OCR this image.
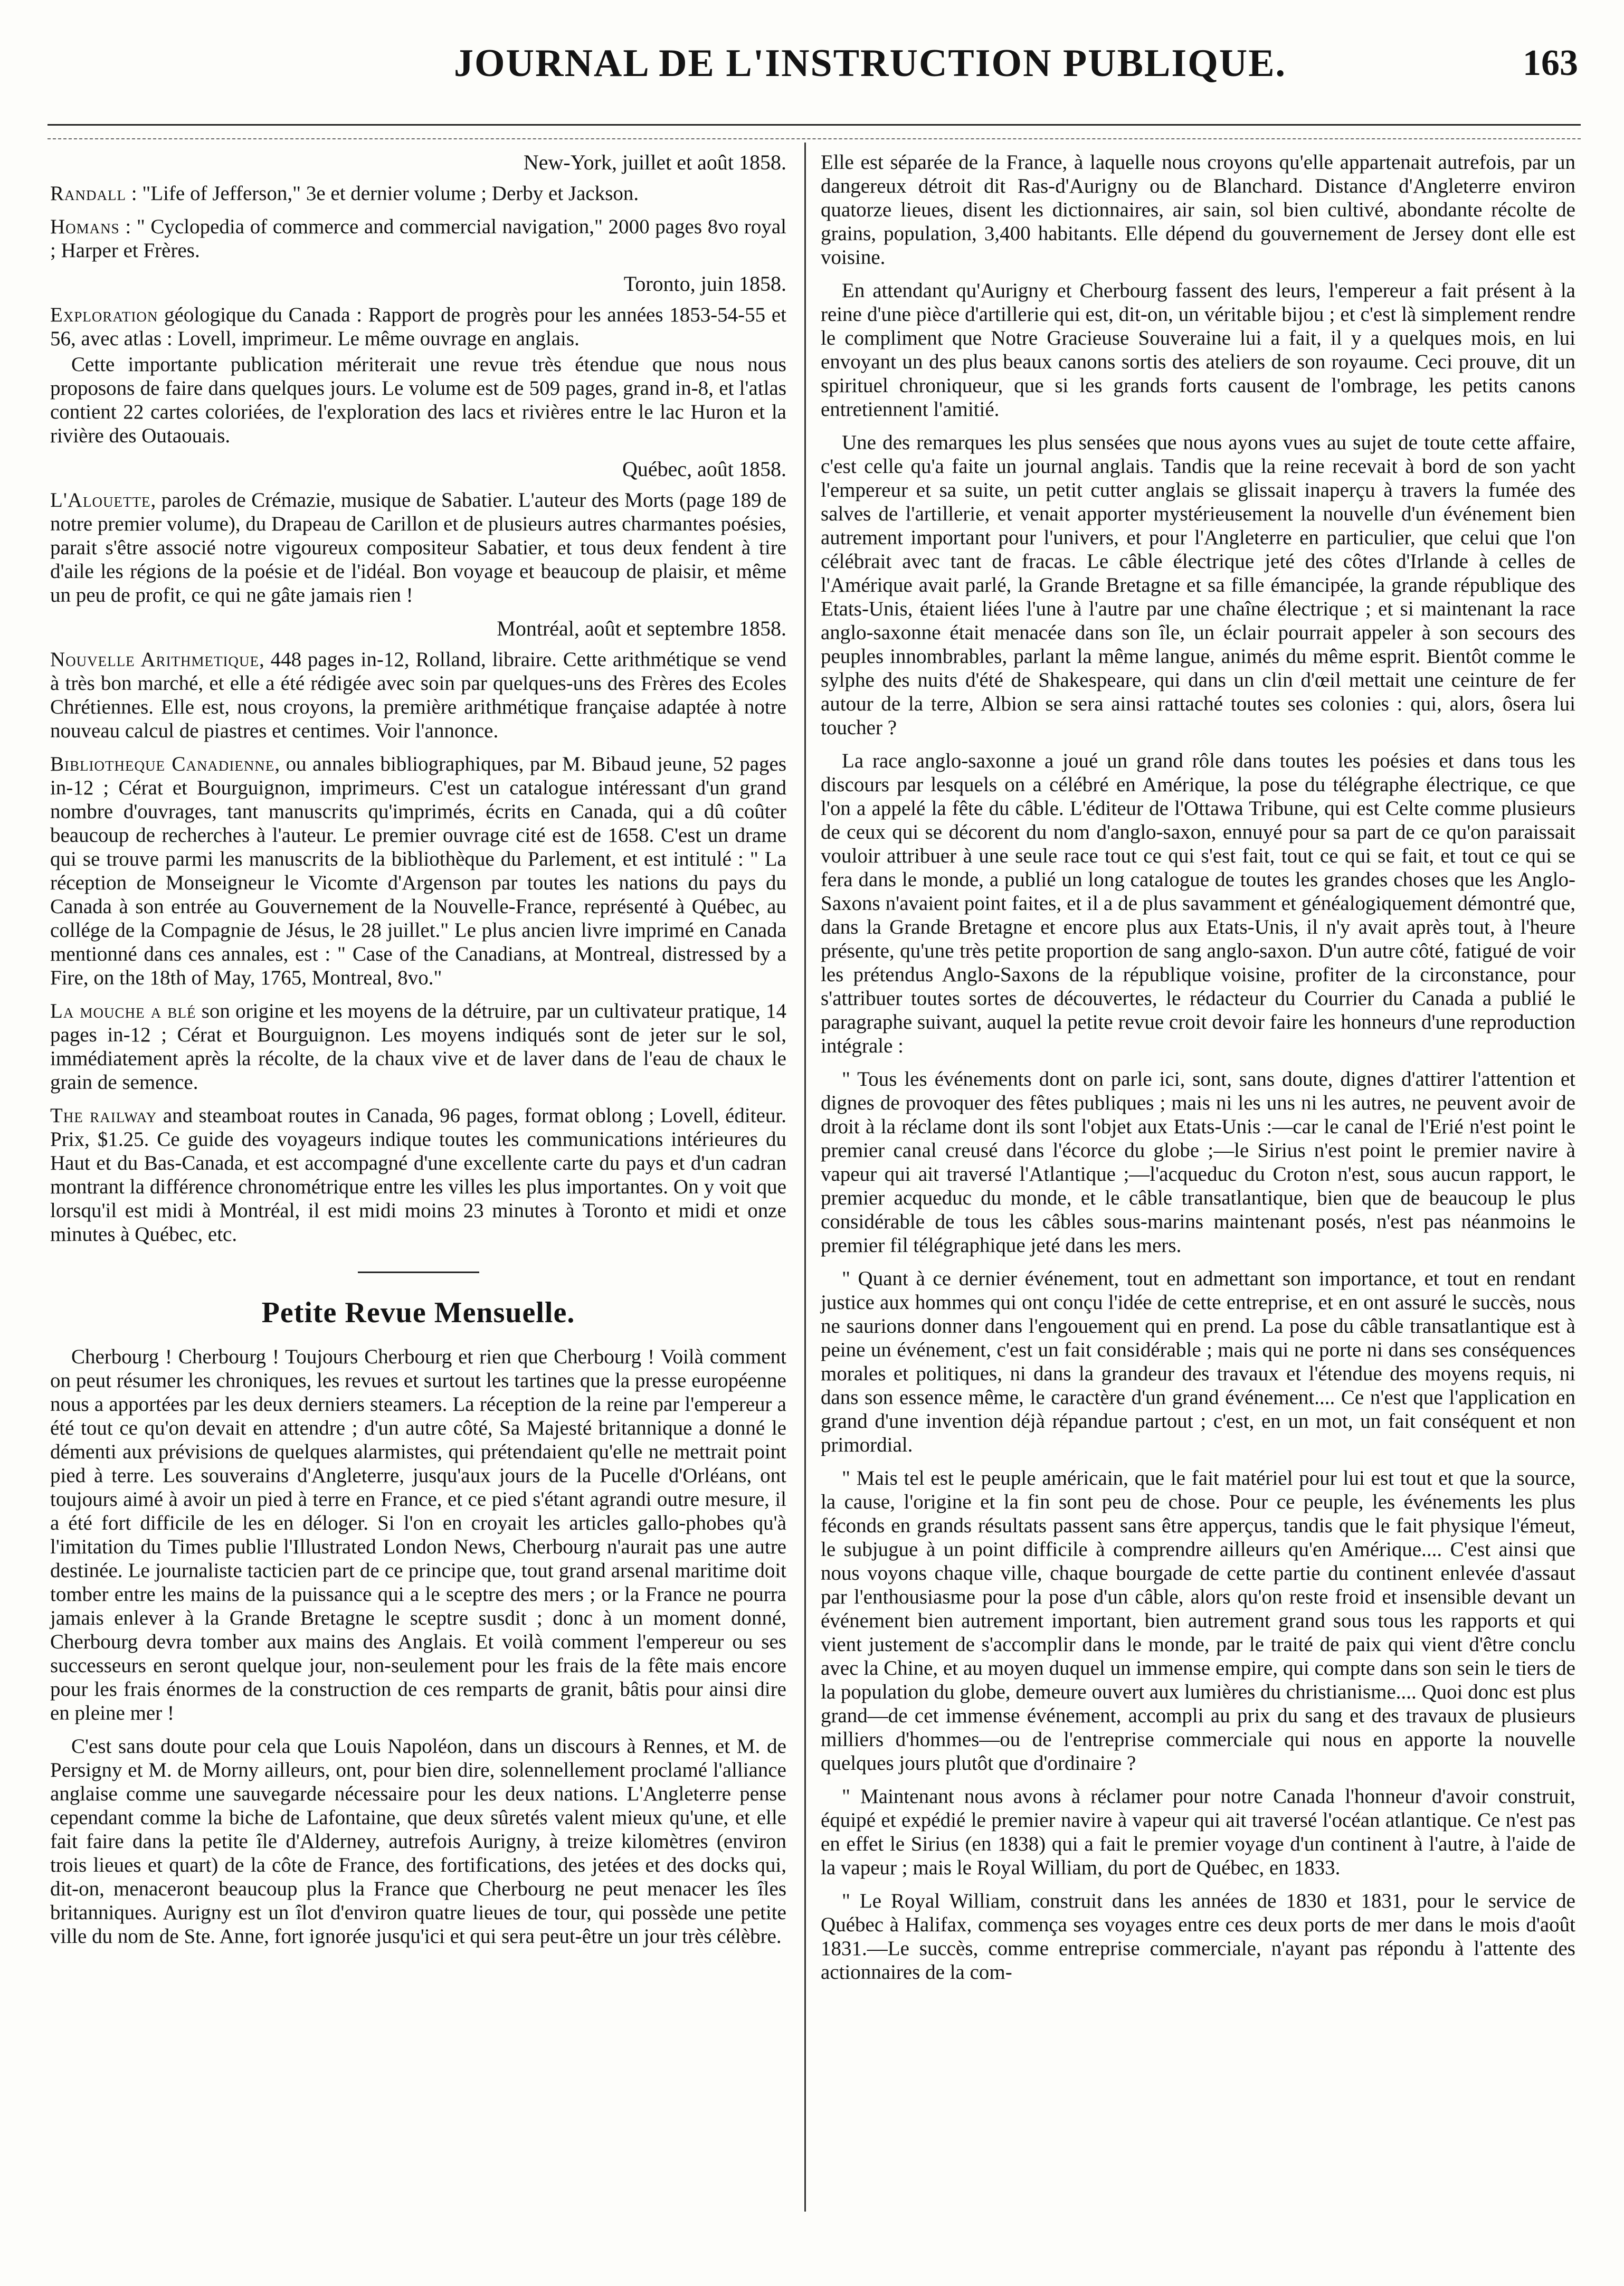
JOURNAL DE L'INSTRUCTION PUBLIQUE.	163
New-York, juillet et août 1858.

Randall : "Life of Jefferson," 3e et dernier volume ; Derby et Jackson.

Homans : " Cyclopedia of commerce and commercial navigation," 2000 pages 8vo royal ; Harper et Frères.

Toronto, juin 1858.

Exploration géologique du Canada : Rapport de progrès pour les années 1853-54-55 et 56, avec atlas : Lovell, imprimeur. Le même ouvrage en anglais.

Cette importante publication mériterait une revue très étendue que nous nous proposons de faire dans quelques jours. Le volume est de 509 pages, grand in-8, et l'atlas contient 22 cartes coloriées, de l'exploration des lacs et rivières entre le lac Huron et la rivière des Outaouais.

Québec, août 1858.

L'Alouette, paroles de Crémazie, musique de Sabatier. L'auteur des Morts (page 189 de notre premier volume), du Drapeau de Carillon et de plusieurs autres charmantes poésies, parait s'être associé notre vigoureux compositeur Sabatier, et tous deux fendent à tire d'aile les régions de la poésie et de l'idéal. Bon voyage et beaucoup de plaisir, et même un peu de profit, ce qui ne gâte jamais rien !

Montréal, août et septembre 1858.

Nouvelle Arithmetique, 448 pages in-12, Rolland, libraire. Cette arithmétique se vend à très bon marché, et elle a été rédigée avec soin par quelques-uns des Frères des Ecoles Chrétiennes. Elle est, nous croyons, la première arithmétique française adaptée à notre nouveau calcul de piastres et centimes. Voir l'annonce.

Bibliotheque Canadienne, ou annales bibliographiques, par M. Bibaud jeune, 52 pages in-12 ; Cérat et Bourguignon, imprimeurs. C'est un catalogue intéressant d'un grand nombre d'ouvrages, tant manuscrits qu'imprimés, écrits en Canada, qui a dû coûter beaucoup de recherches à l'auteur. Le premier ouvrage cité est de 1658. C'est un drame qui se trouve parmi les manuscrits de la bibliothèque du Parlement, et est intitulé : " La réception de Monseigneur le Vicomte d'Argenson par toutes les nations du pays du Canada à son entrée au Gouvernement de la Nouvelle-France, représenté à Québec, au collége de la Compagnie de Jésus, le 28 juillet." Le plus ancien livre imprimé en Canada mentionné dans ces annales, est : " Case of the Canadians, at Montreal, distressed by a Fire, on the 18th of May, 1765, Montreal, 8vo."

La mouche a blé son origine et les moyens de la détruire, par un cultivateur pratique, 14 pages in-12 ; Cérat et Bourguignon. Les moyens indiqués sont de jeter sur le sol, immédiatement après la récolte, de la chaux vive et de laver dans de l'eau de chaux le grain de semence.

The railway and steamboat routes in Canada, 96 pages, format oblong ; Lovell, éditeur. Prix, $1.25. Ce guide des voyageurs indique toutes les communications intérieures du Haut et du Bas-Canada, et est accompagné d'une excellente carte du pays et d'un cadran montrant la différence chronométrique entre les villes les plus importantes. On y voit que lorsqu'il est midi à Montréal, il est midi moins 23 minutes à Toronto et midi et onze minutes à Québec, etc.

Petite Revue Mensuelle.

Cherbourg ! Cherbourg ! Toujours Cherbourg et rien que Cherbourg ! Voilà comment on peut résumer les chroniques, les revues et surtout les tartines que la presse européenne nous a apportées par les deux derniers steamers. La réception de la reine par l'empereur a été tout ce qu'on devait en attendre ; d'un autre côté, Sa Majesté britannique a donné le démenti aux prévisions de quelques alarmistes, qui prétendaient qu'elle ne mettrait point pied à terre. Les souverains d'Angleterre, jusqu'aux jours de la Pucelle d'Orléans, ont toujours aimé à avoir un pied à terre en France, et ce pied s'étant agrandi outre mesure, il a été fort difficile de les en déloger. Si l'on en croyait les articles gallo-phobes qu'à l'imitation du Times publie l'Illustrated London News, Cherbourg n'aurait pas une autre destinée. Le journaliste tacticien part de ce principe que, tout grand arsenal maritime doit tomber entre les mains de la puissance qui a le sceptre des mers ; or la France ne pourra jamais enlever à la Grande Bretagne le sceptre susdit ; donc à un moment donné, Cherbourg devra tomber aux mains des Anglais. Et voilà comment l'empereur ou ses successeurs en seront quelque jour, non-seulement pour les frais de la fête mais encore pour les frais énormes de la construction de ces remparts de granit, bâtis pour ainsi dire en pleine mer !

C'est sans doute pour cela que Louis Napoléon, dans un discours à Rennes, et M. de Persigny et M. de Morny ailleurs, ont, pour bien dire, solennellement proclamé l'alliance anglaise comme une sauvegarde nécessaire pour les deux nations. L'Angleterre pense cependant comme la biche de Lafontaine, que deux sûretés valent mieux qu'une, et elle fait faire dans la petite île d'Alderney, autrefois Aurigny, à treize kilomètres (environ trois lieues et quart) de la côte de France, des fortifications, des jetées et des docks qui, dit-on, menaceront beaucoup plus la France que Cherbourg ne peut menacer les îles britanniques. Aurigny est un îlot d'environ quatre lieues de tour, qui possède une petite ville du nom de Ste. Anne, fort ignorée jusqu'ici et qui sera peut-être un jour très célèbre.

Elle est séparée de la France, à laquelle nous croyons qu'elle appartenait autrefois, par un dangereux détroit dit Ras-d'Aurigny ou de Blanchard. Distance d'Angleterre environ quatorze lieues, disent les dictionnaires, air sain, sol bien cultivé, abondante récolte de grains, population, 3,400 habitants. Elle dépend du gouvernement de Jersey dont elle est voisine.

En attendant qu'Aurigny et Cherbourg fassent des leurs, l'empereur a fait présent à la reine d'une pièce d'artillerie qui est, dit-on, un véritable bijou ; et c'est là simplement rendre le compliment que Notre Gracieuse Souveraine lui a fait, il y a quelques mois, en lui envoyant un des plus beaux canons sortis des ateliers de son royaume. Ceci prouve, dit un spirituel chroniqueur, que si les grands forts causent de l'ombrage, les petits canons entretiennent l'amitié.

Une des remarques les plus sensées que nous ayons vues au sujet de toute cette affaire, c'est celle qu'a faite un journal anglais. Tandis que la reine recevait à bord de son yacht l'empereur et sa suite, un petit cutter anglais se glissait inaperçu à travers la fumée des salves de l'artillerie, et venait apporter mystérieusement la nouvelle d'un événement bien autrement important pour l'univers, et pour l'Angleterre en particulier, que celui que l'on célébrait avec tant de fracas. Le câble électrique jeté des côtes d'Irlande à celles de l'Amérique avait parlé, la Grande Bretagne et sa fille émancipée, la grande république des Etats-Unis, étaient liées l'une à l'autre par une chaîne électrique ; et si maintenant la race anglo-saxonne était menacée dans son île, un éclair pourrait appeler à son secours des peuples innombrables, parlant la même langue, animés du même esprit. Bientôt comme le sylphe des nuits d'été de Shakespeare, qui dans un clin d'œil mettait une ceinture de fer autour de la terre, Albion se sera ainsi rattaché toutes ses colonies : qui, alors, ôsera lui toucher ?

La race anglo-saxonne a joué un grand rôle dans toutes les poésies et dans tous les discours par lesquels on a célébré en Amérique, la pose du télégraphe électrique, ce que l'on a appelé la fête du câble. L'éditeur de l'Ottawa Tribune, qui est Celte comme plusieurs de ceux qui se décorent du nom d'anglo-saxon, ennuyé pour sa part de ce qu'on paraissait vouloir attribuer à une seule race tout ce qui s'est fait, tout ce qui se fait, et tout ce qui se fera dans le monde, a publié un long catalogue de toutes les grandes choses que les Anglo-Saxons n'avaient point faites, et il a de plus savamment et généalogiquement démontré que, dans la Grande Bretagne et encore plus aux Etats-Unis, il n'y avait après tout, à l'heure présente, qu'une très petite proportion de sang anglo-saxon. D'un autre côté, fatigué de voir les prétendus Anglo-Saxons de la république voisine, profiter de la circonstance, pour s'attribuer toutes sortes de découvertes, le rédacteur du Courrier du Canada a publié le paragraphe suivant, auquel la petite revue croit devoir faire les honneurs d'une reproduction intégrale :

" Tous les événements dont on parle ici, sont, sans doute, dignes d'attirer l'attention et dignes de provoquer des fêtes publiques ; mais ni les uns ni les autres, ne peuvent avoir de droit à la réclame dont ils sont l'objet aux Etats-Unis :—car le canal de l'Erié n'est point le premier canal creusé dans l'écorce du globe ;—le Sirius n'est point le premier navire à vapeur qui ait traversé l'Atlantique ;—l'acqueduc du Croton n'est, sous aucun rapport, le premier acqueduc du monde, et le câble transatlantique, bien que de beaucoup le plus considérable de tous les câbles sous-marins maintenant posés, n'est pas néanmoins le premier fil télégraphique jeté dans les mers.

" Quant à ce dernier événement, tout en admettant son importance, et tout en rendant justice aux hommes qui ont conçu l'idée de cette entreprise, et en ont assuré le succès, nous ne saurions donner dans l'engouement qui en prend. La pose du câble transatlantique est à peine un événement, c'est un fait considérable ; mais qui ne porte ni dans ses conséquences morales et politiques, ni dans la grandeur des travaux et l'étendue des moyens requis, ni dans son essence même, le caractère d'un grand événement.... Ce n'est que l'application en grand d'une invention déjà répandue partout ; c'est, en un mot, un fait conséquent et non primordial.

" Mais tel est le peuple américain, que le fait matériel pour lui est tout et que la source, la cause, l'origine et la fin sont peu de chose. Pour ce peuple, les événements les plus féconds en grands résultats passent sans être apperçus, tandis que le fait physique l'émeut, le subjugue à un point difficile à comprendre ailleurs qu'en Amérique.... C'est ainsi que nous voyons chaque ville, chaque bourgade de cette partie du continent enlevée d'assaut par l'enthousiasme pour la pose d'un câble, alors qu'on reste froid et insensible devant un événement bien autrement important, bien autrement grand sous tous les rapports et qui vient justement de s'accomplir dans le monde, par le traité de paix qui vient d'être conclu avec la Chine, et au moyen duquel un immense empire, qui compte dans son sein le tiers de la population du globe, demeure ouvert aux lumières du christianisme.... Quoi donc est plus grand—de cet immense événement, accompli au prix du sang et des travaux de plusieurs milliers d'hommes—ou de l'entreprise commerciale qui nous en apporte la nouvelle quelques jours plutôt que d'ordinaire ?

" Maintenant nous avons à réclamer pour notre Canada l'honneur d'avoir construit, équipé et expédié le premier navire à vapeur qui ait traversé l'océan atlantique. Ce n'est pas en effet le Sirius (en 1838) qui a fait le premier voyage d'un continent à l'autre, à l'aide de la vapeur ; mais le Royal William, du port de Québec, en 1833.

" Le Royal William, construit dans les années de 1830 et 1831, pour le service de Québec à Halifax, commença ses voyages entre ces deux ports de mer dans le mois d'août 1831.—Le succès, comme entreprise commerciale, n'ayant pas répondu à l'attente des actionnaires de la com-
